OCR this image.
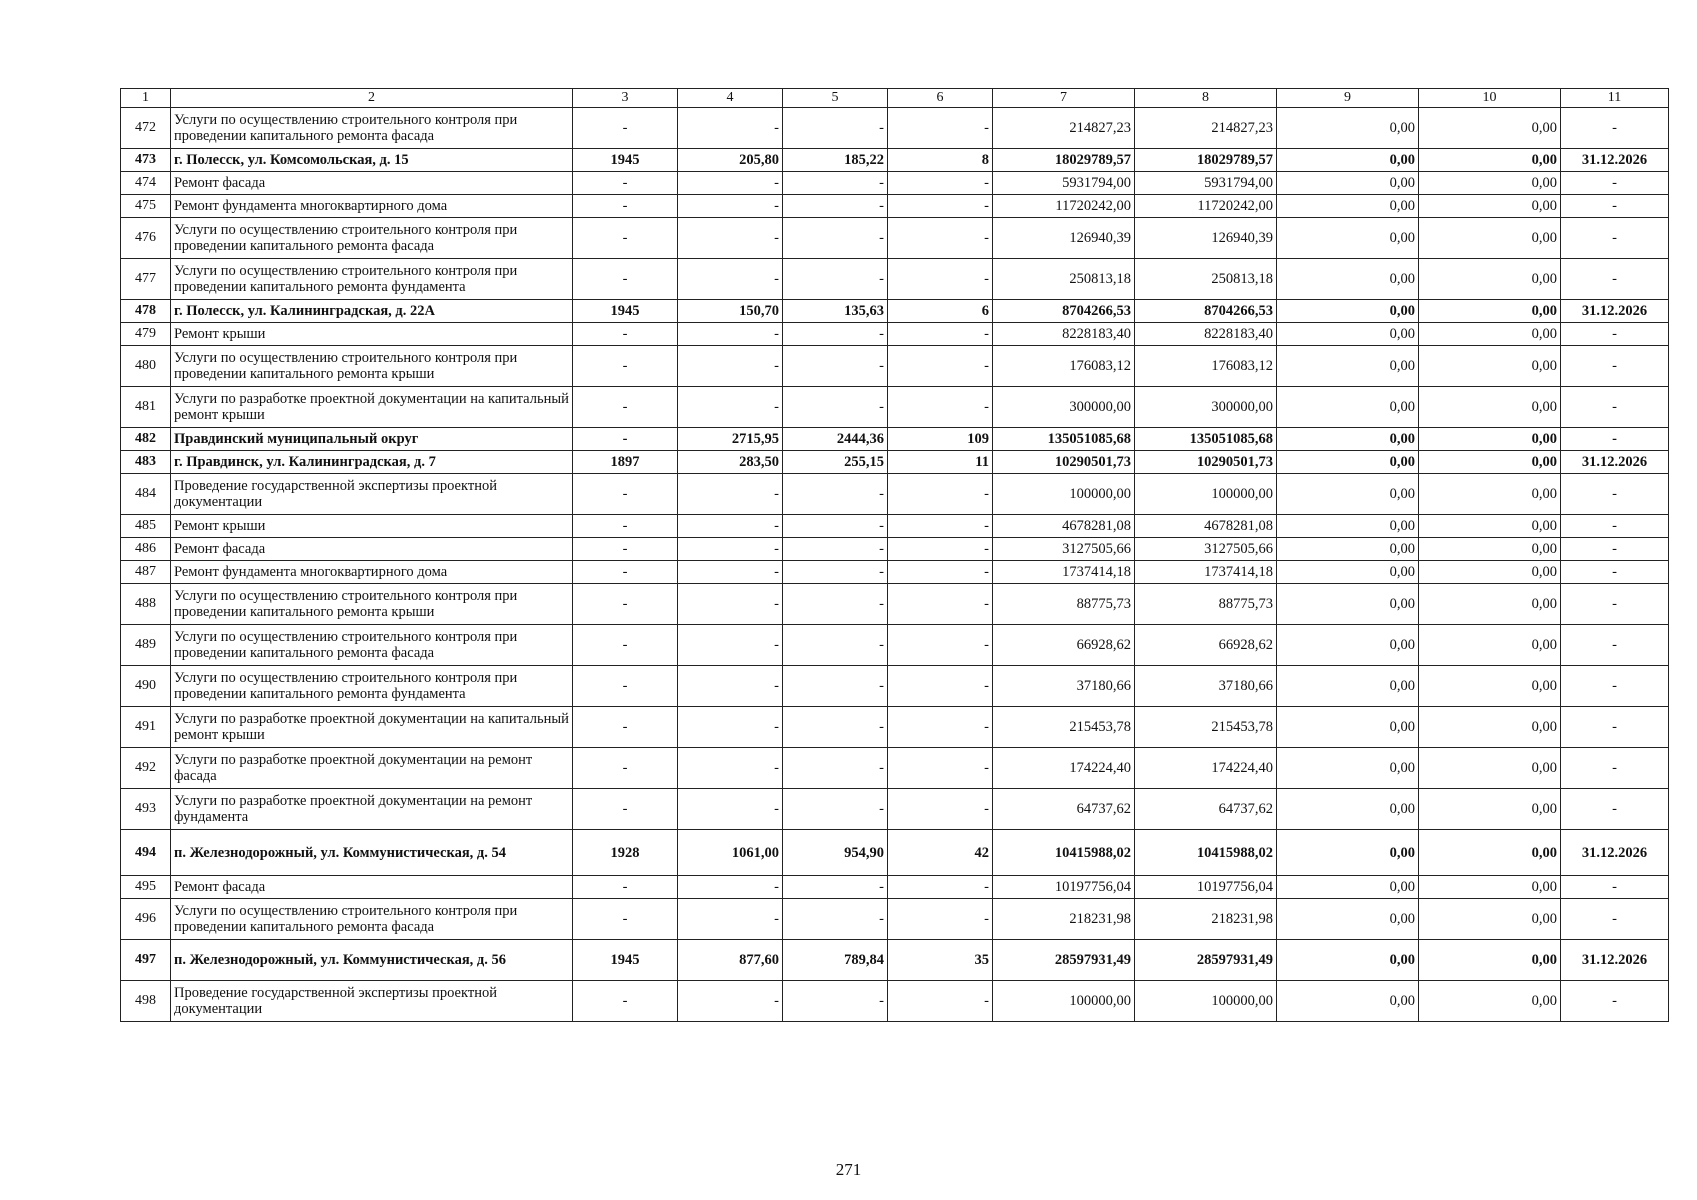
1	2	3	4	5	6	7	8	9	10	11
472	Услуги по осуществлению строительного контроля при проведении капитального ремонта фасада	-	-	-	-	214827,23	214827,23	0,00	0,00	-
473	г. Полесск, ул. Комсомольская, д. 15	1945	205,80	185,22	8	18029789,57	18029789,57	0,00	0,00	31.12.2026
474	Ремонт фасада	-	-	-	-	5931794,00	5931794,00	0,00	0,00	-
475	Ремонт фундамента многоквартирного дома	-	-	-	-	11720242,00	11720242,00	0,00	0,00	-
476	Услуги по осуществлению строительного контроля при проведении капитального ремонта фасада	-	-	-	-	126940,39	126940,39	0,00	0,00	-
477	Услуги по осуществлению строительного контроля при проведении капитального ремонта фундамента	-	-	-	-	250813,18	250813,18	0,00	0,00	-
478	г. Полесск, ул. Калининградская, д. 22А	1945	150,70	135,63	6	8704266,53	8704266,53	0,00	0,00	31.12.2026
479	Ремонт крыши	-	-	-	-	8228183,40	8228183,40	0,00	0,00	-
480	Услуги по осуществлению строительного контроля при проведении капитального ремонта крыши	-	-	-	-	176083,12	176083,12	0,00	0,00	-
481	Услуги по разработке проектной документации на капитальный ремонт крыши	-	-	-	-	300000,00	300000,00	0,00	0,00	-
482	Правдинский муниципальный округ	-	2715,95	2444,36	109	135051085,68	135051085,68	0,00	0,00	-
483	г. Правдинск, ул. Калининградская, д. 7	1897	283,50	255,15	11	10290501,73	10290501,73	0,00	0,00	31.12.2026
484	Проведение государственной экспертизы проектной документации	-	-	-	-	100000,00	100000,00	0,00	0,00	-
485	Ремонт крыши	-	-	-	-	4678281,08	4678281,08	0,00	0,00	-
486	Ремонт фасада	-	-	-	-	3127505,66	3127505,66	0,00	0,00	-
487	Ремонт фундамента многоквартирного дома	-	-	-	-	1737414,18	1737414,18	0,00	0,00	-
488	Услуги по осуществлению строительного контроля при проведении капитального ремонта крыши	-	-	-	-	88775,73	88775,73	0,00	0,00	-
489	Услуги по осуществлению строительного контроля при проведении капитального ремонта фасада	-	-	-	-	66928,62	66928,62	0,00	0,00	-
490	Услуги по осуществлению строительного контроля при проведении капитального ремонта фундамента	-	-	-	-	37180,66	37180,66	0,00	0,00	-
491	Услуги по разработке проектной документации на капитальный ремонт крыши	-	-	-	-	215453,78	215453,78	0,00	0,00	-
492	Услуги по разработке проектной документации на ремонт фасада	-	-	-	-	174224,40	174224,40	0,00	0,00	-
493	Услуги по разработке проектной документации на ремонт фундамента	-	-	-	-	64737,62	64737,62	0,00	0,00	-
494	п. Железнодорожный, ул. Коммунистическая, д. 54	1928	1061,00	954,90	42	10415988,02	10415988,02	0,00	0,00	31.12.2026
495	Ремонт фасада	-	-	-	-	10197756,04	10197756,04	0,00	0,00	-
496	Услуги по осуществлению строительного контроля при проведении капитального ремонта фасада	-	-	-	-	218231,98	218231,98	0,00	0,00	-
497	п. Железнодорожный, ул. Коммунистическая, д. 56	1945	877,60	789,84	35	28597931,49	28597931,49	0,00	0,00	31.12.2026
498	Проведение государственной экспертизы проектной документации	-	-	-	-	100000,00	100000,00	0,00	0,00	-
271
